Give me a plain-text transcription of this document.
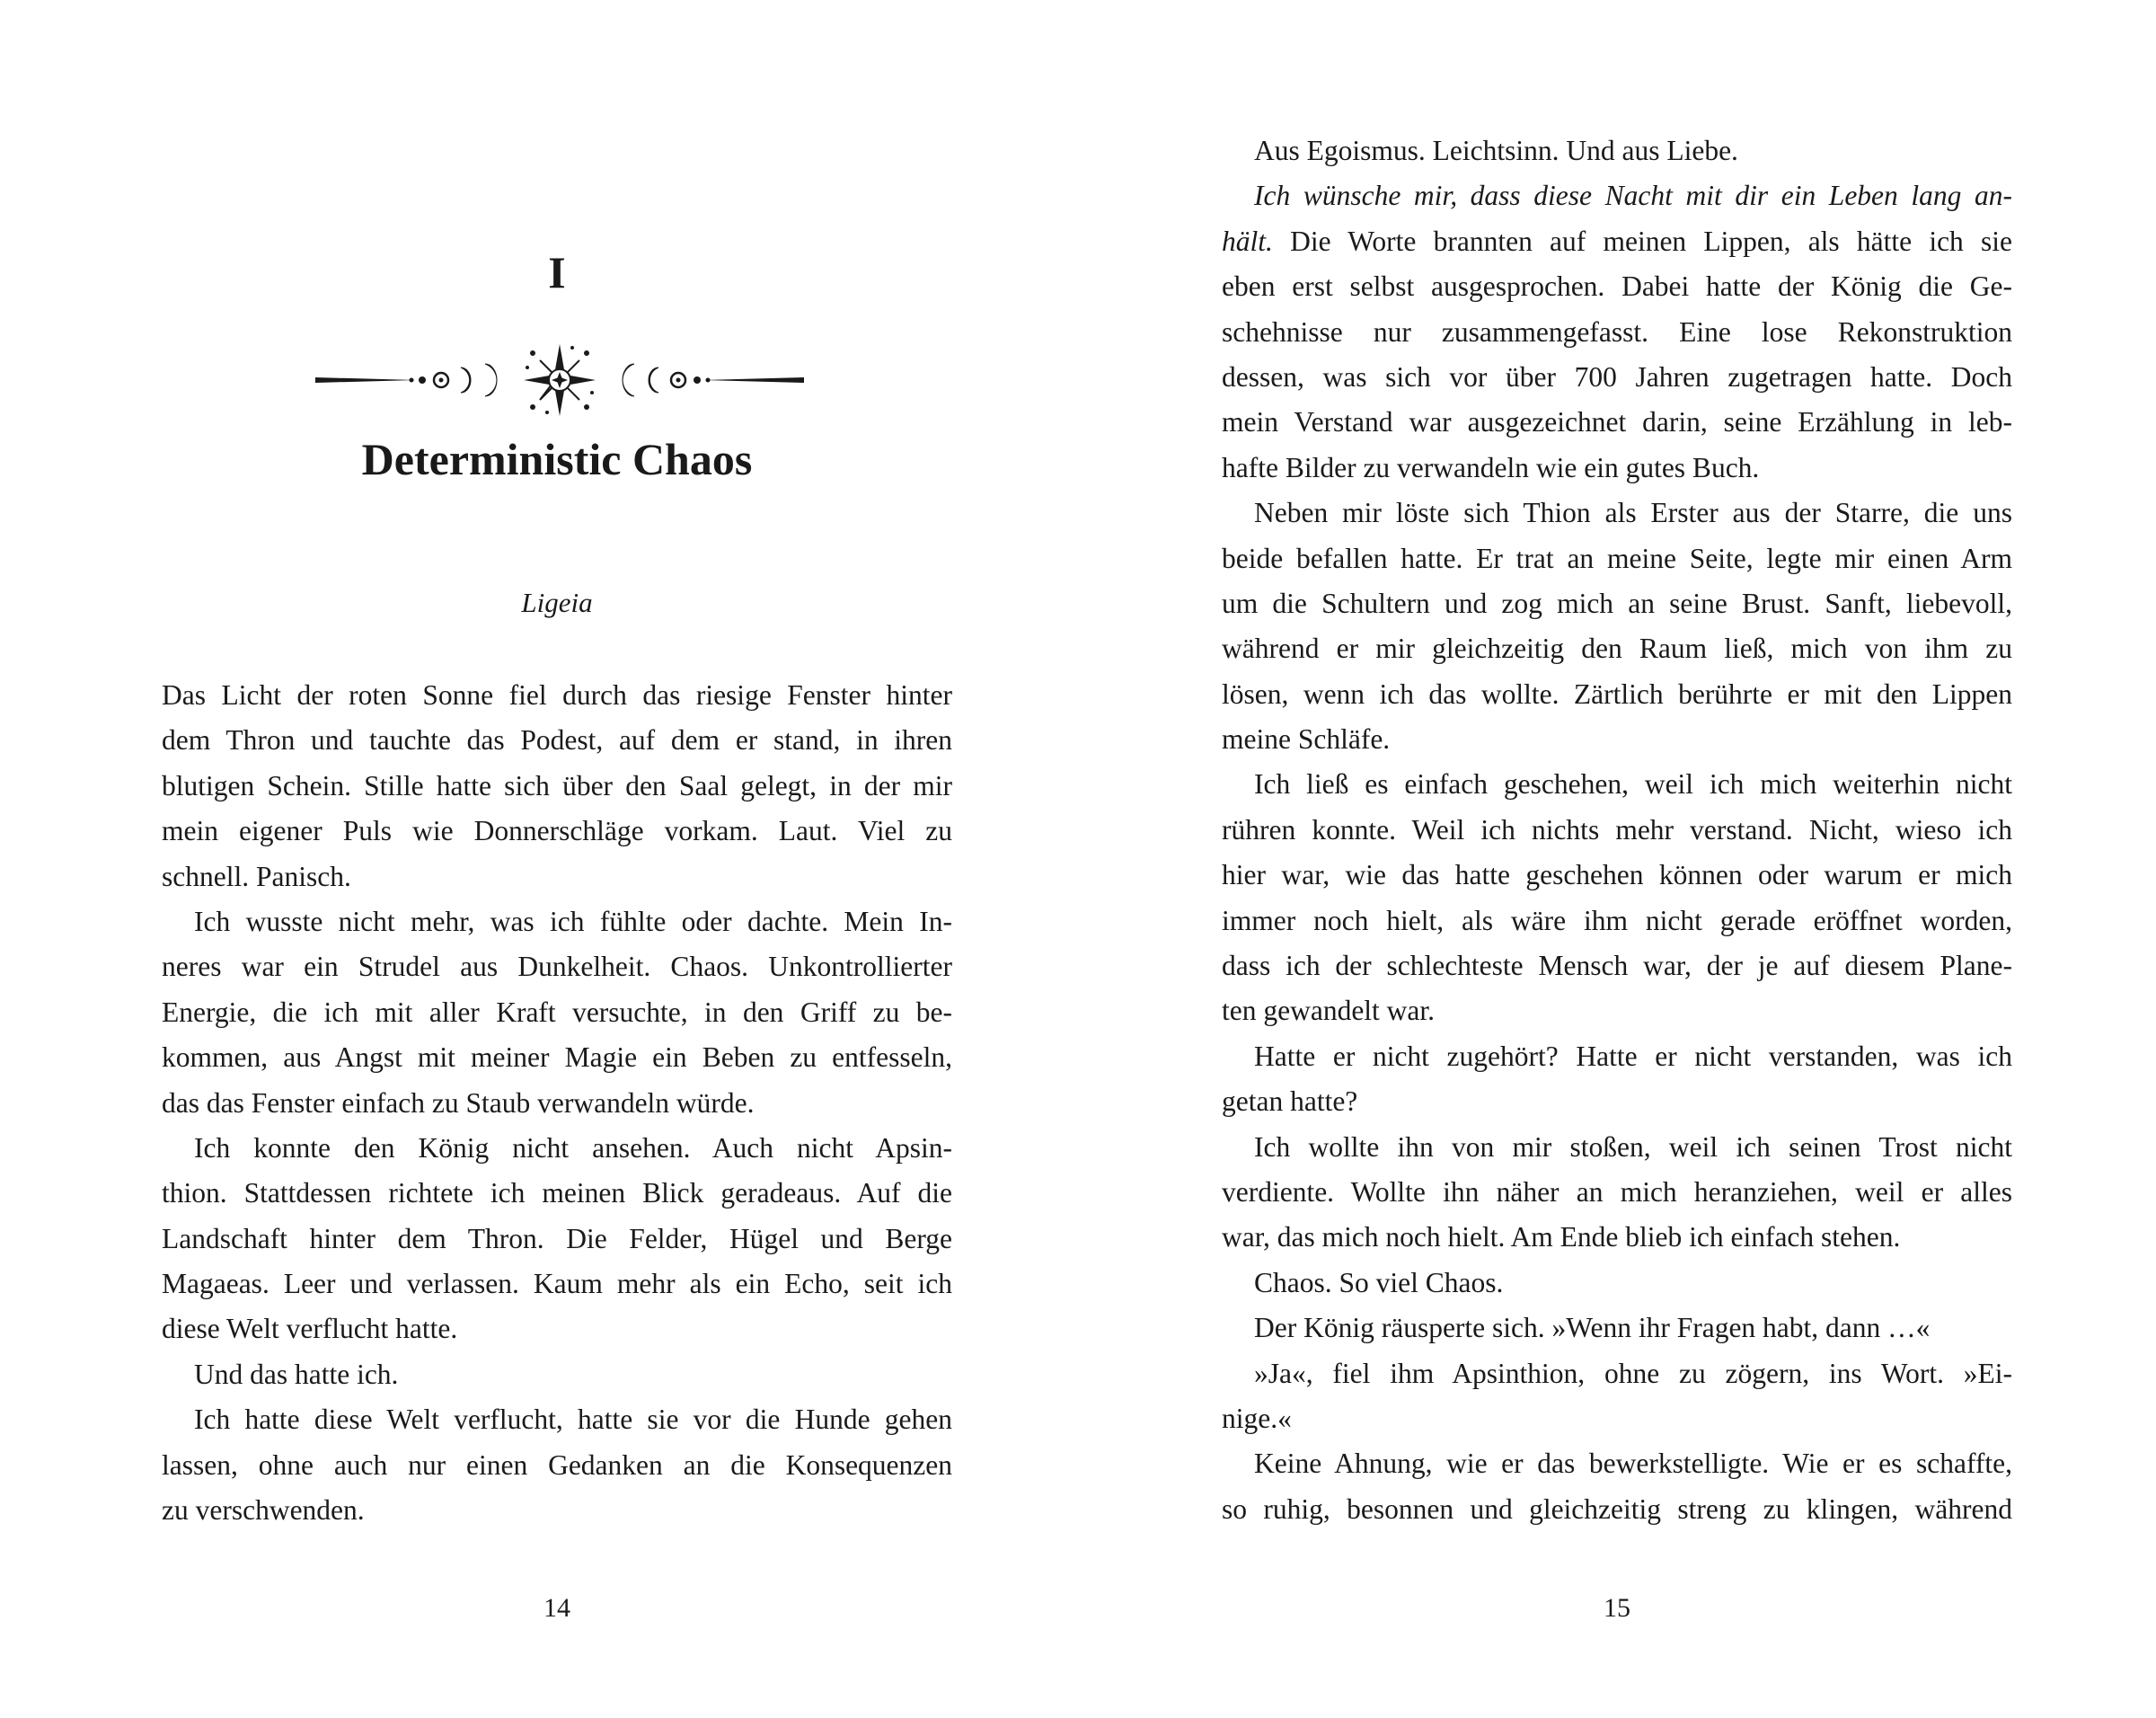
I
Deterministic Chaos
Ligeia
Das Licht der roten Sonne fiel durch das riesige Fenster hinter
dem Thron und tauchte das Podest, auf dem er stand, in ihren
blutigen Schein. Stille hatte sich über den Saal gelegt, in der mir
mein eigener Puls wie Donnerschläge vorkam. Laut. Viel zu
schnell. Panisch.
Ich wusste nicht mehr, was ich fühlte oder dachte. Mein In-
neres war ein Strudel aus Dunkelheit. Chaos. Unkontrollierter
Energie, die ich mit aller Kraft versuchte, in den Griff zu be-
kommen, aus Angst mit meiner Magie ein Beben zu entfesseln,
das das Fenster einfach zu Staub verwandeln würde.
Ich konnte den König nicht ansehen. Auch nicht Apsin-
thion. Stattdessen richtete ich meinen Blick geradeaus. Auf die
Landschaft hinter dem Thron. Die Felder, Hügel und Berge
Magaeas. Leer und verlassen. Kaum mehr als ein Echo, seit ich
diese Welt verflucht hatte.
Und das hatte ich.
Ich hatte diese Welt verflucht, hatte sie vor die Hunde gehen
lassen, ohne auch nur einen Gedanken an die Konsequenzen
zu verschwenden.
14
Aus Egoismus. Leichtsinn. Und aus Liebe.
Ich wünsche mir, dass diese Nacht mit dir ein Leben lang an-
hält. Die Worte brannten auf meinen Lippen, als hätte ich sie
eben erst selbst ausgesprochen. Dabei hatte der König die Ge-
schehnisse nur zusammengefasst. Eine lose Rekonstruktion
dessen, was sich vor über 700 Jahren zugetragen hatte. Doch
mein Verstand war ausgezeichnet darin, seine Erzählung in leb-
hafte Bilder zu verwandeln wie ein gutes Buch.
Neben mir löste sich Thion als Erster aus der Starre, die uns
beide befallen hatte. Er trat an meine Seite, legte mir einen Arm
um die Schultern und zog mich an seine Brust. Sanft, liebevoll,
während er mir gleichzeitig den Raum ließ, mich von ihm zu
lösen, wenn ich das wollte. Zärtlich berührte er mit den Lippen
meine Schläfe.
Ich ließ es einfach geschehen, weil ich mich weiterhin nicht
rühren konnte. Weil ich nichts mehr verstand. Nicht, wieso ich
hier war, wie das hatte geschehen können oder warum er mich
immer noch hielt, als wäre ihm nicht gerade eröffnet worden,
dass ich der schlechteste Mensch war, der je auf diesem Plane-
ten gewandelt war.
Hatte er nicht zugehört? Hatte er nicht verstanden, was ich
getan hatte?
Ich wollte ihn von mir stoßen, weil ich seinen Trost nicht
verdiente. Wollte ihn näher an mich heranziehen, weil er alles
war, das mich noch hielt. Am Ende blieb ich einfach stehen.
Chaos. So viel Chaos.
Der König räusperte sich. »Wenn ihr Fragen habt, dann …«
»Ja«, fiel ihm Apsinthion, ohne zu zögern, ins Wort. »Ei-
nige.«
Keine Ahnung, wie er das bewerkstelligte. Wie er es schaffte,
so ruhig, besonnen und gleichzeitig streng zu klingen, während
15
